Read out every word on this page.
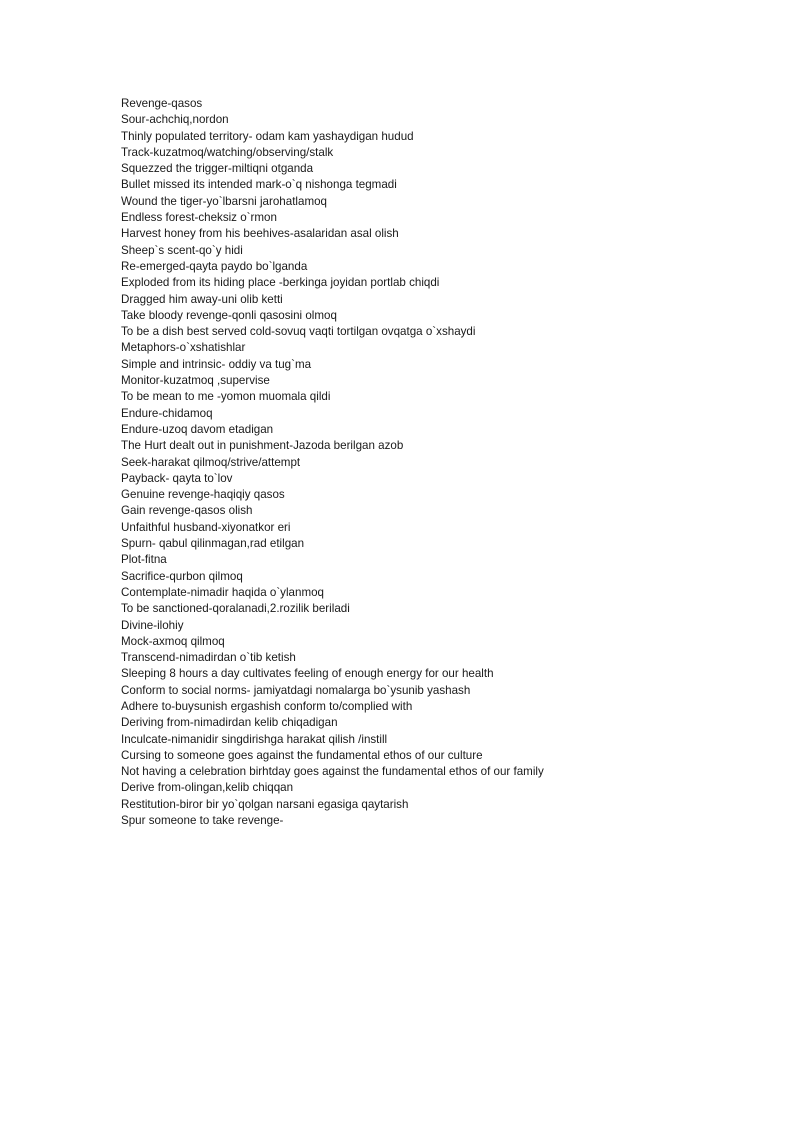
Revenge-qasos
Sour-achchiq,nordon
Thinly populated territory- odam kam yashaydigan hudud
Track-kuzatmoq/watching/observing/stalk
Squezzed the trigger-miltiqni otganda
Bullet missed its intended mark-o`q nishonga tegmadi
Wound the tiger-yo`lbarsni jarohatlamoq
Endless forest-cheksiz o`rmon
Harvest honey from his beehives-asalaridan asal olish
Sheep`s scent-qo`y hidi
Re-emerged-qayta paydo bo`lganda
Exploded from its hiding place -berkinga joyidan portlab chiqdi
Dragged him away-uni olib ketti
Take bloody revenge-qonli qasosini olmoq
To be a dish best served cold-sovuq vaqti tortilgan ovqatga o`xshaydi
Metaphors-o`xshatishlar
Simple and intrinsic- oddiy va tug`ma
Monitor-kuzatmoq ,supervise
To be mean to me -yomon muomala qildi
Endure-chidamoq
Endure-uzoq davom etadigan
The Hurt dealt out in punishment-Jazoda berilgan azob
Seek-harakat qilmoq/strive/attempt
Payback- qayta to`lov
Genuine revenge-haqiqiy qasos
Gain revenge-qasos olish
Unfaithful husband-xiyonatkor eri
Spurn- qabul qilinmagan,rad etilgan
Plot-fitna
Sacrifice-qurbon qilmoq
Contemplate-nimadir haqida o`ylanmoq
To be sanctioned-qoralanadi,2.rozilik beriladi
Divine-ilohiy
Mock-axmoq qilmoq
Transcend-nimadirdan o`tib ketish
Sleeping 8 hours a day cultivates feeling of enough energy for our health
Conform to social norms- jamiyatdagi nomalarga bo`ysunib yashash
Adhere to-buysunish ergashish conform to/complied with
Deriving from-nimadirdan kelib chiqadigan
Inculcate-nimanidir singdirishga harakat qilish /instill
Cursing to someone goes against the fundamental ethos of our culture
Not having a celebration birhtday goes against the fundamental ethos of our family
Derive from-olingan,kelib chiqqan
Restitution-biror bir yo`qolgan narsani egasiga qaytarish
Spur someone to take revenge-
